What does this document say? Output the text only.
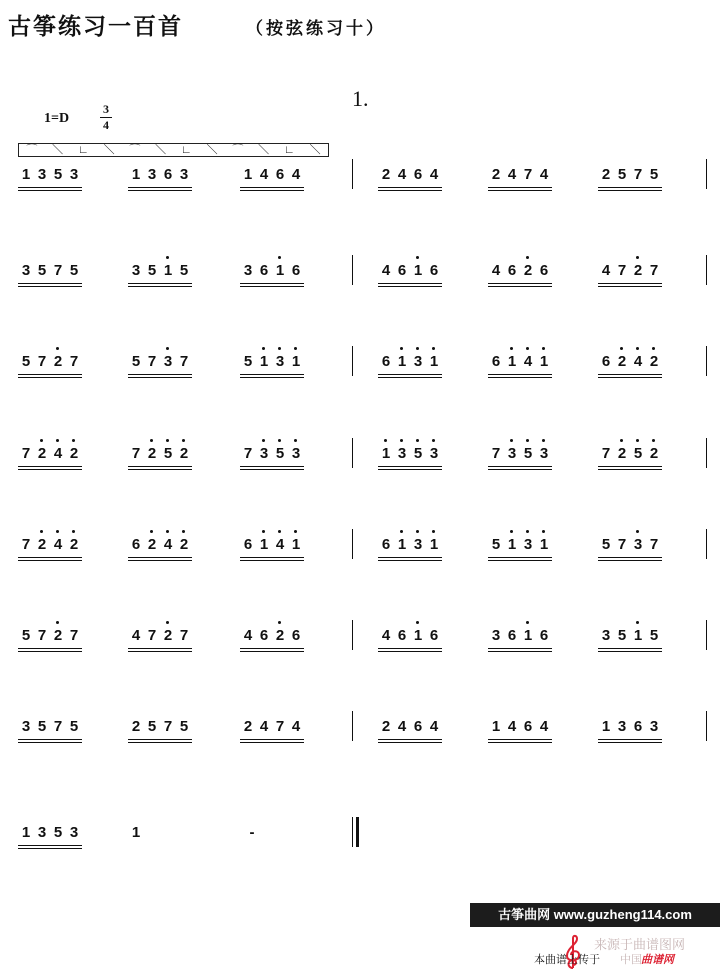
古筝练习一百首	（按弦练习十）
1.
1=D
3
4
⌒	＼	∟	＼	⌒	＼	∟	＼	⌒	＼	∟	＼
1 3 5 3	1 3 6 3	1 4 6 4	2 4 6 4	2 4 7 4	2 5 7 5
3 5 7 5	3 5 1 5	3 6 1 6	4 6 1 6	4 6 2 6	4 7 2 7
5 7 2 7	5 7 3 7	5 1 3 1	6 1 3 1	6 1 4 1	6 2 4 2
7 2 4 2	7 2 5 2	7 3 5 3	1 3 5 3	7 3 5 3	7 2 5 2
7 2 4 2	6 2 4 2	6 1 4 1	6 1 3 1	5 1 3 1	5 7 3 7
5 7 2 7	4 7 2 7	4 6 2 6	4 6 1 6	3 6 1 6	3 5 1 5
3 5 7 5	2 5 7 5	2 4 7 4	2 4 6 4	1 4 6 4	1 3 6 3
1 3 5 3	1	-
古筝曲网 www.guzheng114.com
来源于曲谱图网
本曲谱上传于 中国 曲谱网
